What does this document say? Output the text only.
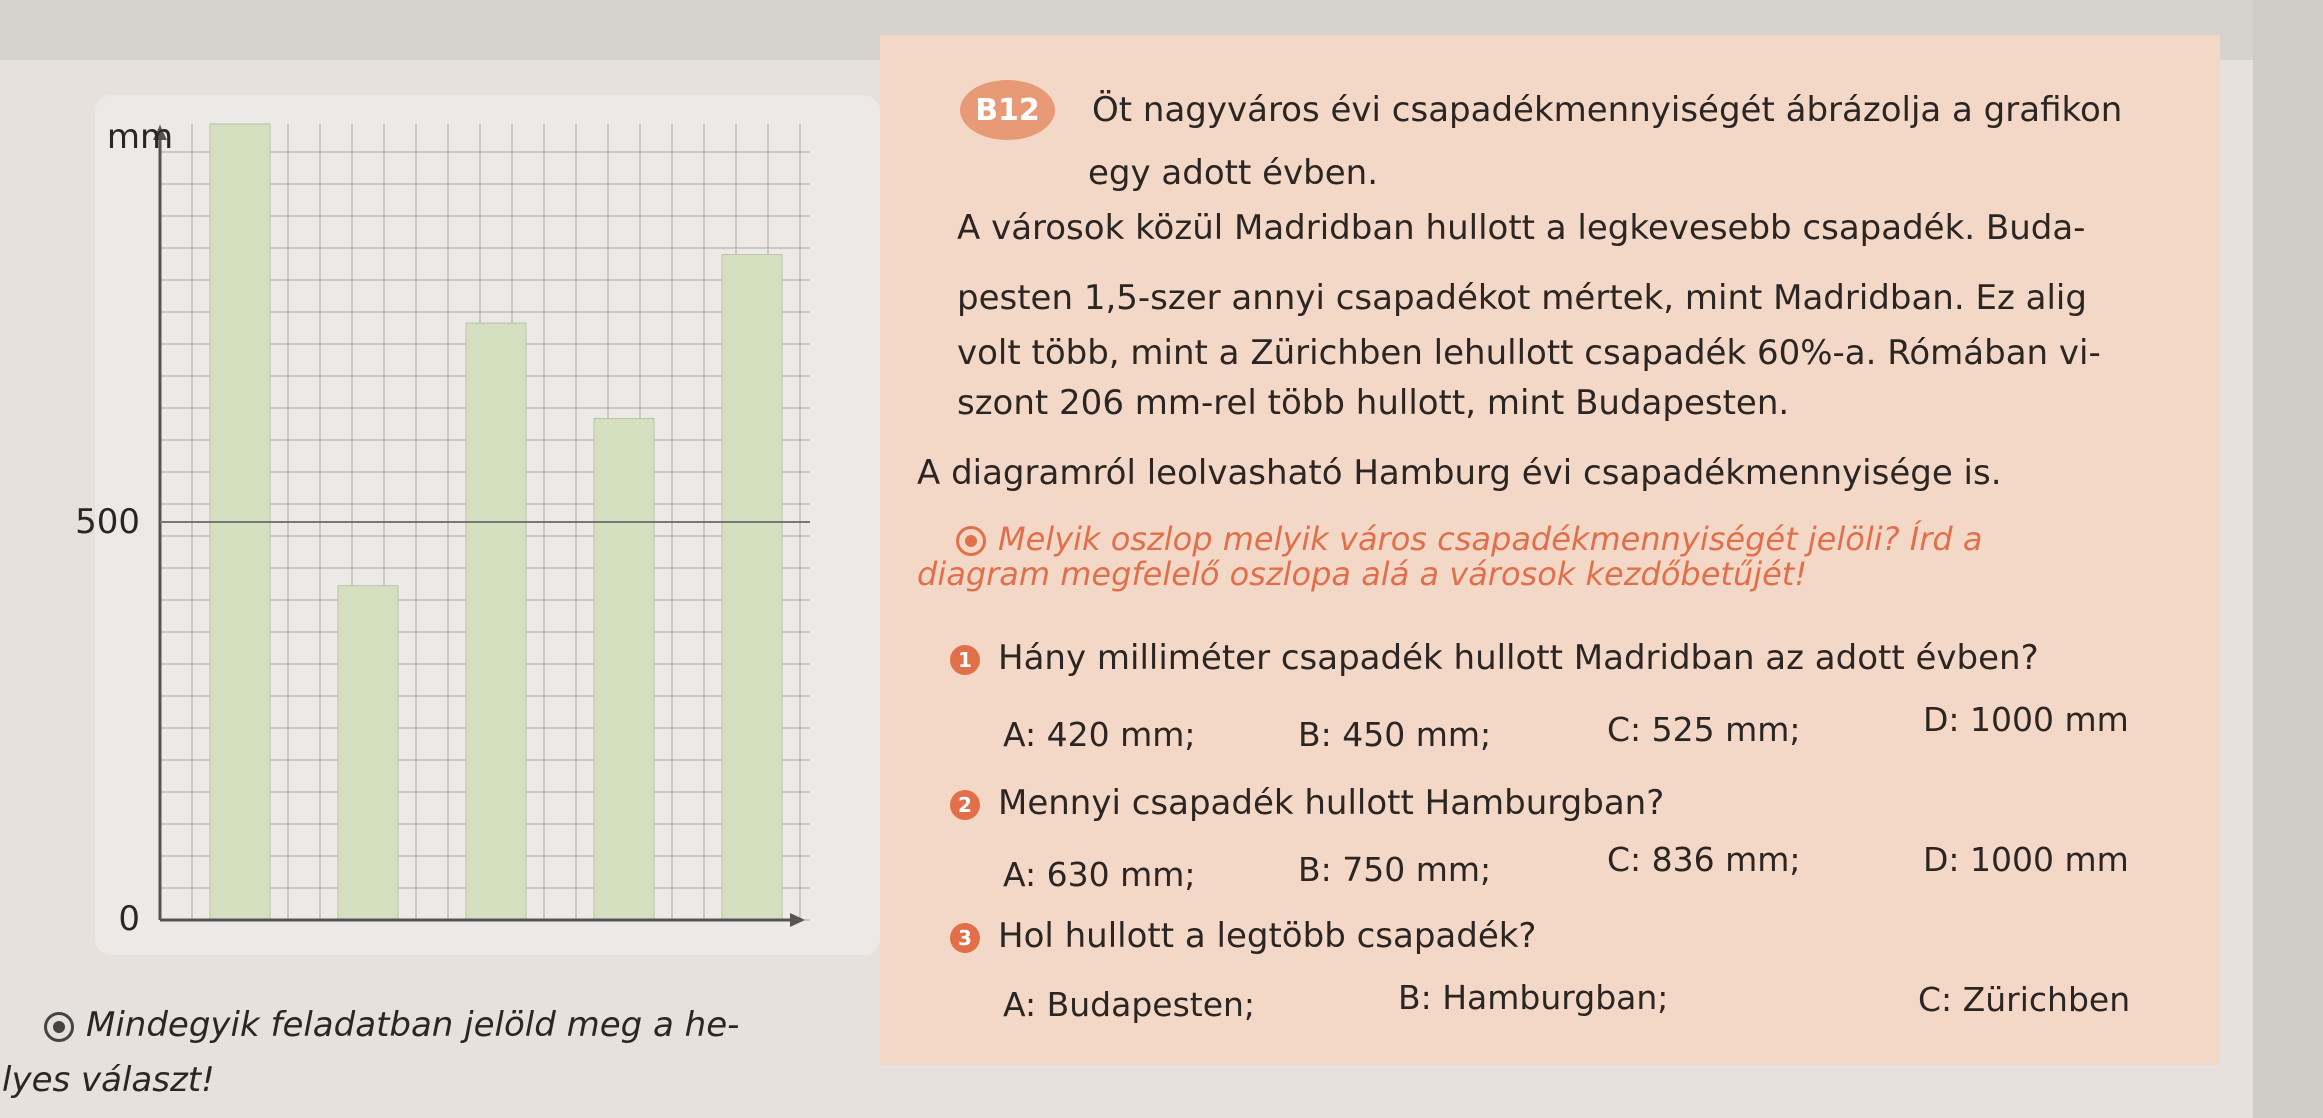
mm
500
0
B12	Öt nagyváros évi csapadékmennyiségét ábrázolja a grafikon
egy adott évben.
A városok közül Madridban hullott a legkevesebb csapadék. Buda-
pesten 1,5-szer annyi csapadékot mértek, mint Madridban. Ez alig
volt több, mint a Zürichben lehullott csapadék 60%-a. Rómában vi-
szont 206 mm-rel több hullott, mint Budapesten.
A diagramról leolvasható Hamburg évi csapadékmennyisége is.
Melyik oszlop melyik város csapadékmennyiségét jelöli? Írd a
diagram megfelelő oszlopa alá a városok kezdőbetűjét!
1 Hány milliméter csapadék hullott Madridban az adott évben?
A: 420 mm;	B: 450 mm;	C: 525 mm;	D: 1000 mm
2 Mennyi csapadék hullott Hamburgban?
A: 630 mm;	B: 750 mm;	C: 836 mm;	D: 1000 mm
3 Hol hullott a legtöbb csapadék?
A: Budapesten;	B: Hamburgban;	C: Zürichben
Mindegyik feladatban jelöld meg a he-
lyes választ!
